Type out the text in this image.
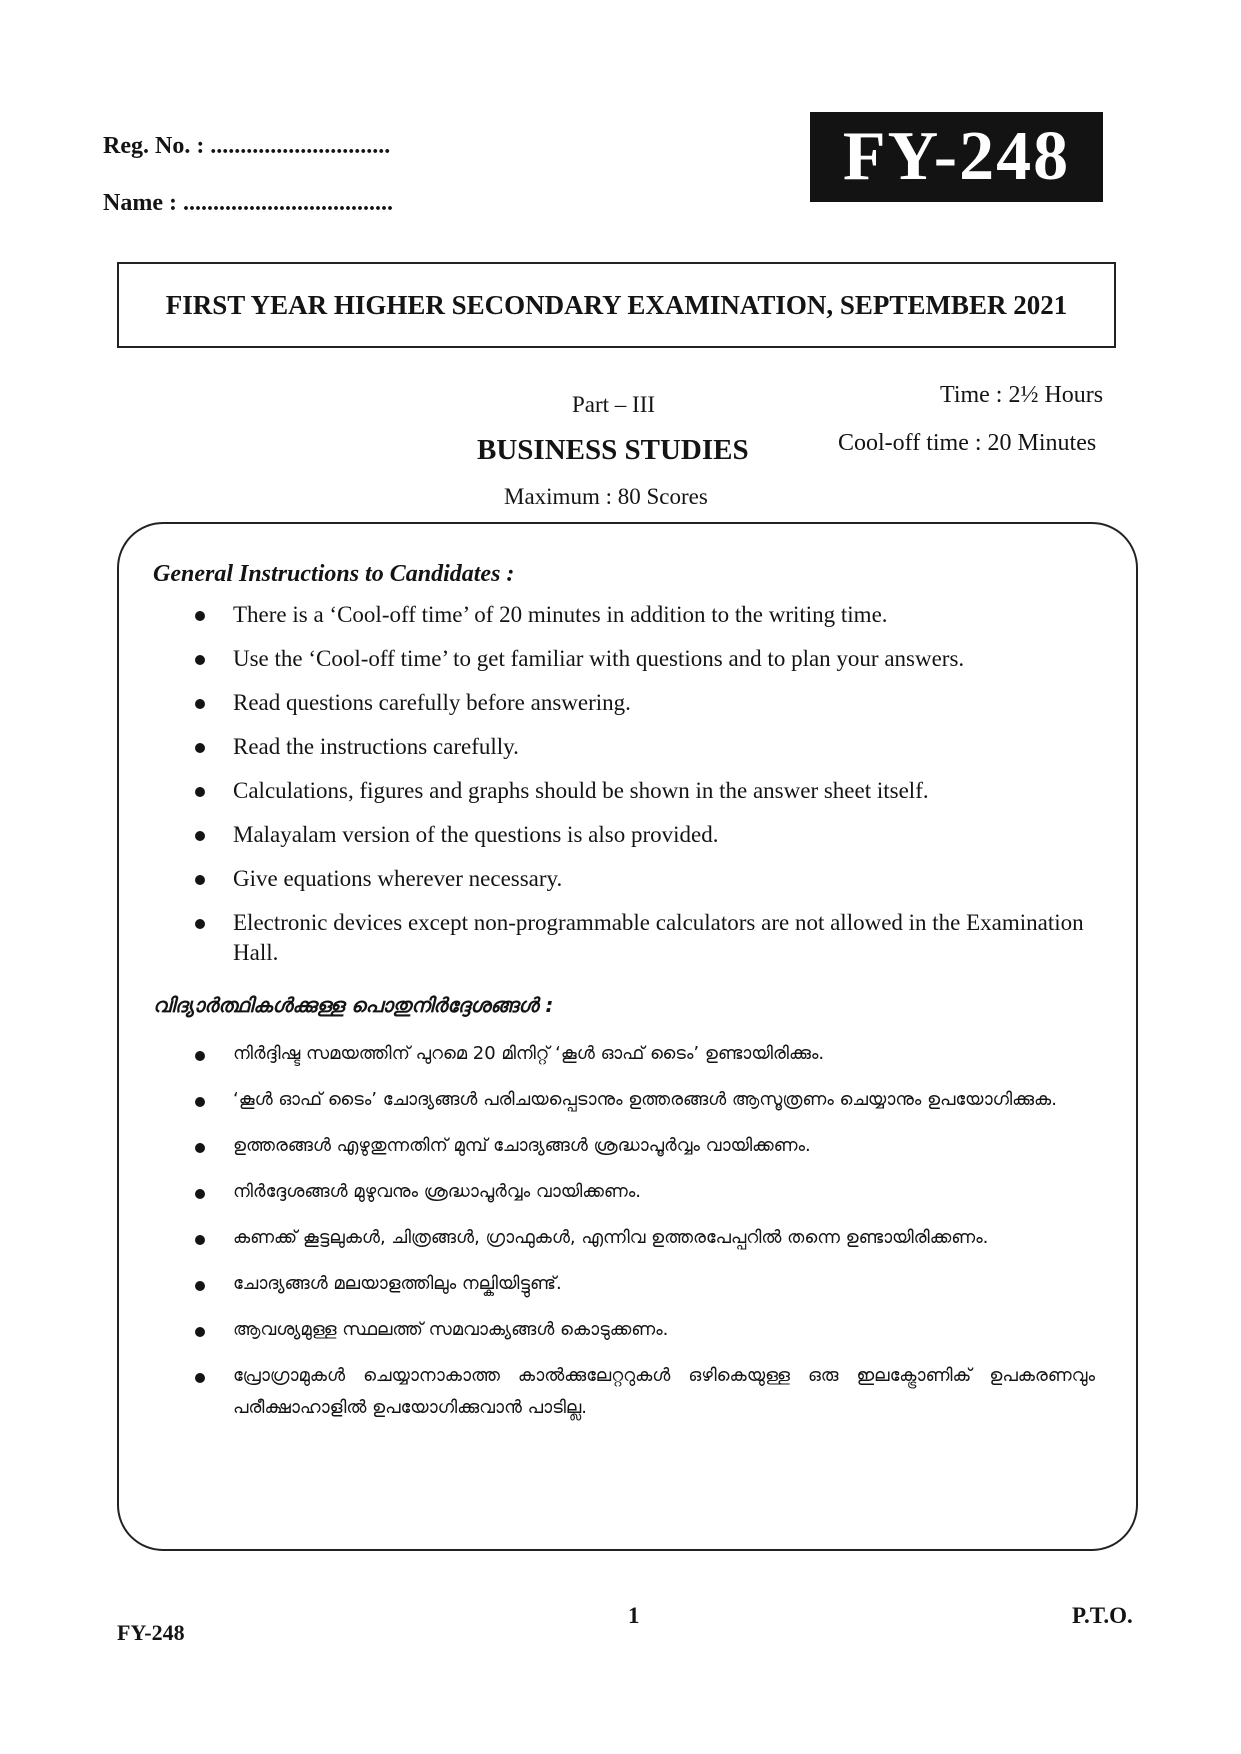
Reg. No. : ..............................
Name : ...................................
FY-248
FIRST YEAR HIGHER SECONDARY EXAMINATION, SEPTEMBER 2021
Part – III	Time : 2½ Hours
BUSINESS STUDIES	Cool-off time : 20 Minutes
Maximum : 80 Scores
General Instructions to Candidates :
There is a ‘Cool-off time’ of 20 minutes in addition to the writing time.
Use the ‘Cool-off time’ to get familiar with questions and to plan your answers.
Read questions carefully before answering.
Read the instructions carefully.
Calculations, figures and graphs should be shown in the answer sheet itself.
Malayalam version of the questions is also provided.
Give equations wherever necessary.
Electronic devices except non-programmable calculators are not allowed in the Examination Hall.
വിദ്യാർത്ഥികൾക്കുള്ള പൊതുനിർദ്ദേശങ്ങൾ :
നിർദ്ദിഷ്ട സമയത്തിന് പുറമെ 20 മിനിറ്റ് ‘കൂൾ ഓഫ് ടൈം’ ഉണ്ടായിരിക്കും.
‘കൂൾ ഓഫ് ടൈം’ ചോദ്യങ്ങൾ പരിചയപ്പെടാനും ഉത്തരങ്ങൾ ആസൂത്രണം ചെയ്യാനും ഉപയോഗിക്കുക.
ഉത്തരങ്ങൾ എഴുതുന്നതിന് മുമ്പ് ചോദ്യങ്ങൾ ശ്രദ്ധാപൂർവ്വം വായിക്കണം.
നിർദ്ദേശങ്ങൾ മുഴുവനും ശ്രദ്ധാപൂർവ്വം വായിക്കണം.
കണക്ക് കൂട്ടലുകൾ, ചിത്രങ്ങൾ, ഗ്രാഫുകൾ, എന്നിവ ഉത്തരപേപ്പറിൽ തന്നെ ഉണ്ടായിരിക്കണം.
ചോദ്യങ്ങൾ മലയാളത്തിലും നല്കിയിട്ടുണ്ട്.
ആവശ്യമുള്ള സ്ഥലത്ത് സമവാക്യങ്ങൾ കൊടുക്കണം.
പ്രോഗ്രാമുകൾ ചെയ്യാനാകാത്ത കാൽക്കുലേറ്ററുകൾ ഒഴികെയുള്ള ഒരു ഇലക്ട്രോണിക് ഉപകരണവും പരീക്ഷാഹാളിൽ ഉപയോഗിക്കുവാൻ പാടില്ല.
FY-248
1	P.T.O.
